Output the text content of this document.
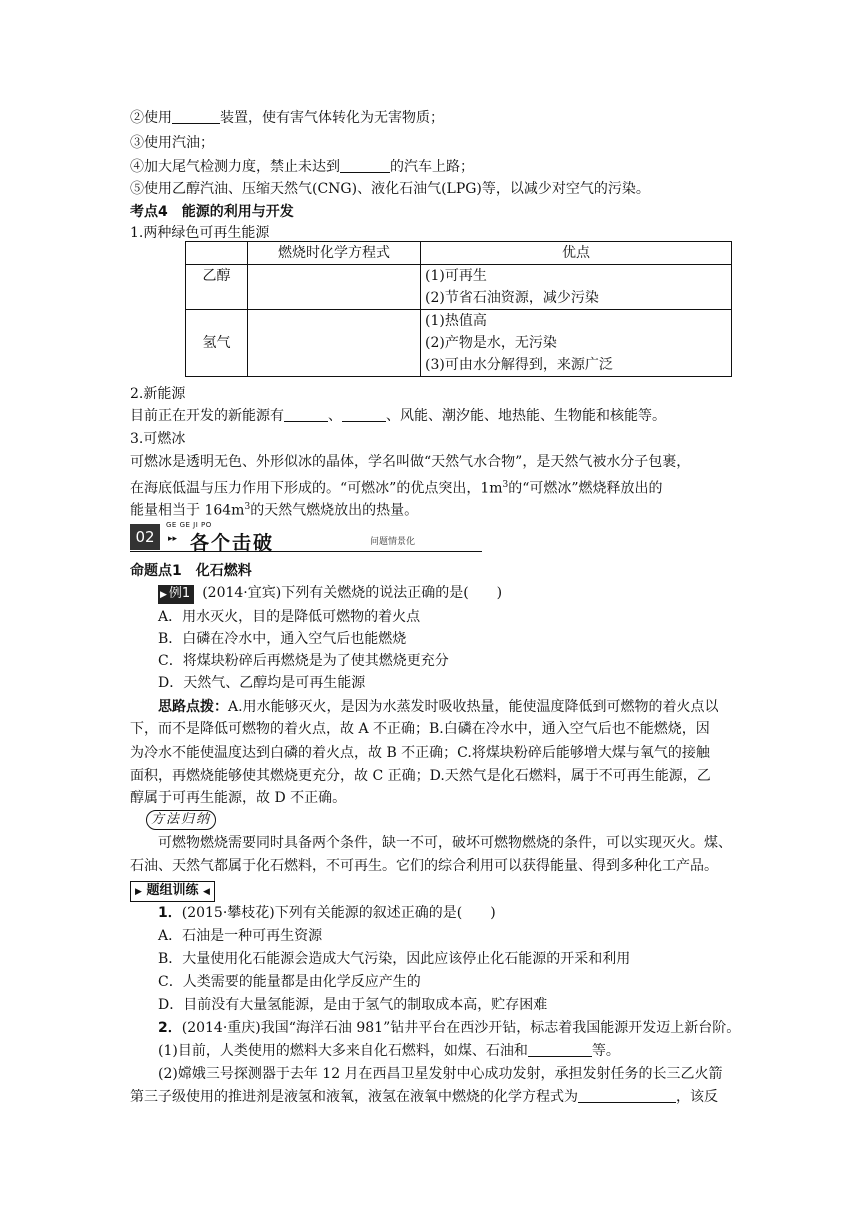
②使用	装置，使有害气体转化为无害物质；
③使用汽油；
④加大尾气检测力度，禁止未达到	的汽车上路；
⑤使用乙醇汽油、压缩天然气(CNG)、液化石油气(LPG)等，以减少对空气的污染。
考点4　能源的利用与开发
1.两种绿色可再生能源
	燃烧时化学方程式	优点
乙醇		(1)可再生
(2)节省石油资源，减少污染

氢气		(1)热值高
(2)产物是水，无污染
(3)可由水分解得到，来源广泛
2.新能源
目前正在开发的新能源有	、	、风能、潮汐能、地热能、生物能和核能等。
3.可燃冰
可燃冰是透明无色、外形似冰的晶体，学名叫做“天然气水合物”，是天然气被水分子包裹，
在海底低温与压力作用下形成的。“可燃冰”的优点突出，$1m^3$的“可燃冰”燃烧释放出的
能量相当于 $164m^3$的天然气燃烧放出的热量。
02
GE GE JI PO
▸▸ 各个击破	问题情景化
命题点1　化石燃料
▶ 例1 (2014·宜宾)下列有关燃烧的说法正确的是(　　)
A．用水灭火，目的是降低可燃物的着火点
B．白磷在冷水中，通入空气后也能燃烧
C．将煤块粉碎后再燃烧是为了使其燃烧更充分
D．天然气、乙醇均是可再生能源
思路点拨：A.用水能够灭火，是因为水蒸发时吸收热量，能使温度降低到可燃物的着火点以
下，而不是降低可燃物的着火点，故 A 不正确；B.白磷在冷水中，通入空气后也不能燃烧，因
为冷水不能使温度达到白磷的着火点，故 B 不正确；C.将煤块粉碎后能够增大煤与氧气的接触
面积，再燃烧能够使其燃烧更充分，故 C 正确；D.天然气是化石燃料，属于不可再生能源，乙
醇属于可再生能源，故 D 不正确。
方法归纳
可燃物燃烧需要同时具备两个条件，缺一不可，破坏可燃物燃烧的条件，可以实现灭火。煤、
石油、天然气都属于化石燃料，不可再生。它们的综合利用可以获得能量、得到多种化工产品。
▶ 题组训练 ◀
1．(2015·攀枝花)下列有关能源的叙述正确的是(　　)
A．石油是一种可再生资源
B．大量使用化石能源会造成大气污染，因此应该停止化石能源的开采和利用
C．人类需要的能量都是由化学反应产生的
D．目前没有大量氢能源，是由于氢气的制取成本高，贮存困难
2．(2014·重庆)我国“海洋石油 981”钻井平台在西沙开钻，标志着我国能源开发迈上新台阶。
(1)目前，人类使用的燃料大多来自化石燃料，如煤、石油和	等。
(2)嫦娥三号探测器于去年 12 月在西昌卫星发射中心成功发射，承担发射任务的长三乙火箭
第三子级使用的推进剂是液氢和液氧，液氢在液氧中燃烧的化学方程式为	，该反
